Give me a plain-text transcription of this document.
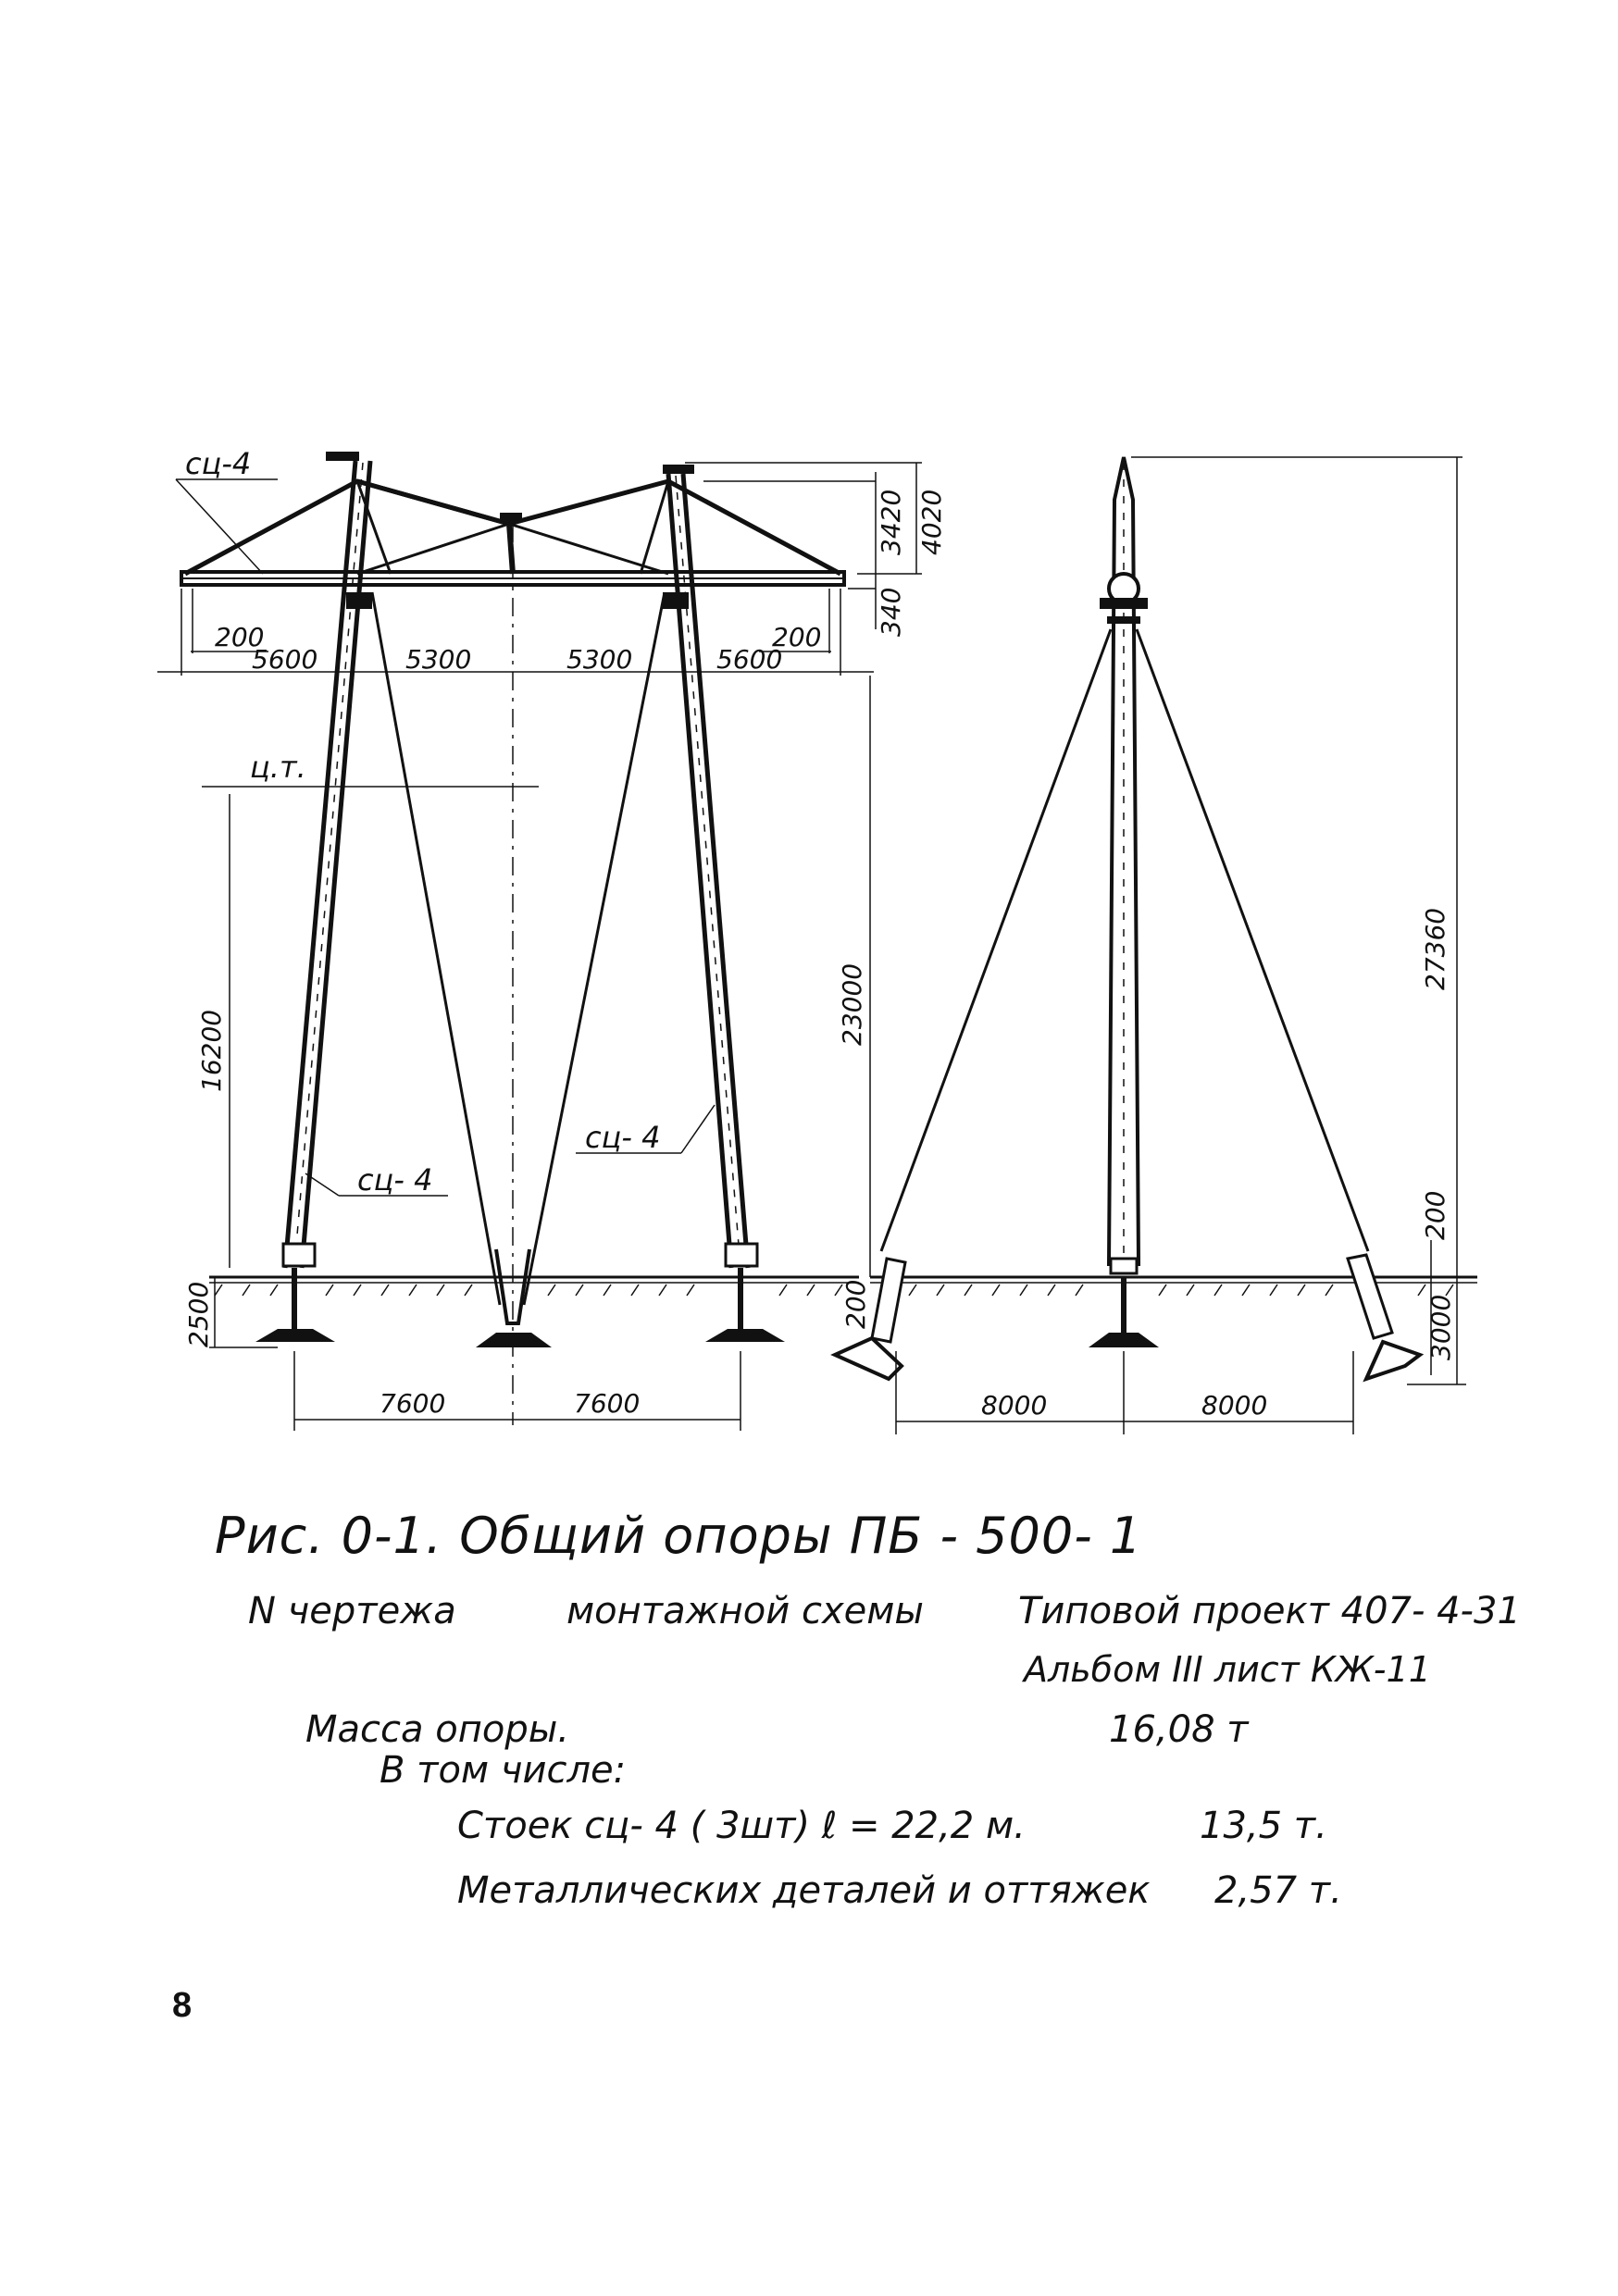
3420 4020
340
200	200
5600	5300	5300	5600
ц.т.
16200
23000
2500
7600	7600
сц-4
сц- 4
сц- 4
27360
200
3000
200
8000	8000
Рис. 0-1. Общий опоры ПБ - 500- 1
N чертежа	монтажной схемы	Типовой проект 407- 4-31
Альбом III лист КЖ-11
Масса опоры.	16,08 т
В том числе:
Стоек сц- 4 ( 3шт) ℓ = 22,2 м.	13,5 т.
Металлических деталей и оттяжек 2,57 т.
8
